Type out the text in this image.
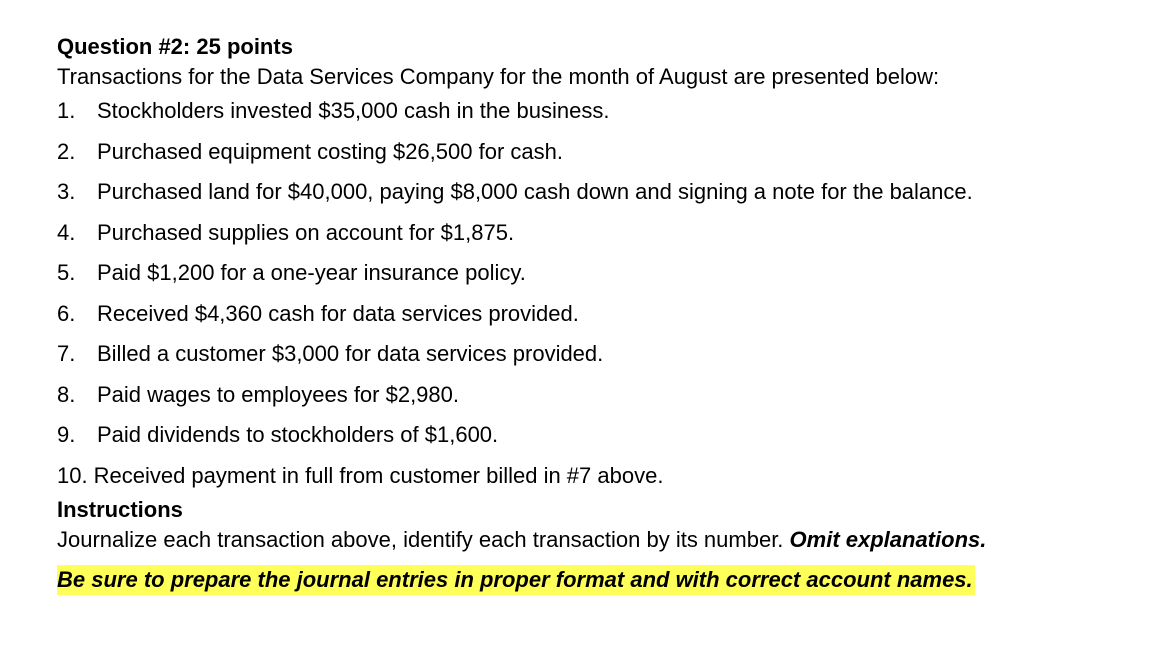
Question #2: 25 points

Transactions for the Data Services Company for the month of August are presented below:

1. Stockholders invested $35,000 cash in the business.
2. Purchased equipment costing $26,500 for cash.
3. Purchased land for $40,000, paying $8,000 cash down and signing a note for the balance.
4. Purchased supplies on account for $1,875.
5. Paid $1,200 for a one-year insurance policy.
6. Received $4,360 cash for data services provided.
7. Billed a customer $3,000 for data services provided.
8. Paid wages to employees for $2,980.
9. Paid dividends to stockholders of $1,600.
10. Received payment in full from customer billed in #7 above.

Instructions

Journalize each transaction above, identify each transaction by its number. Omit explanations.

Be sure to prepare the journal entries in proper format and with correct account names.
